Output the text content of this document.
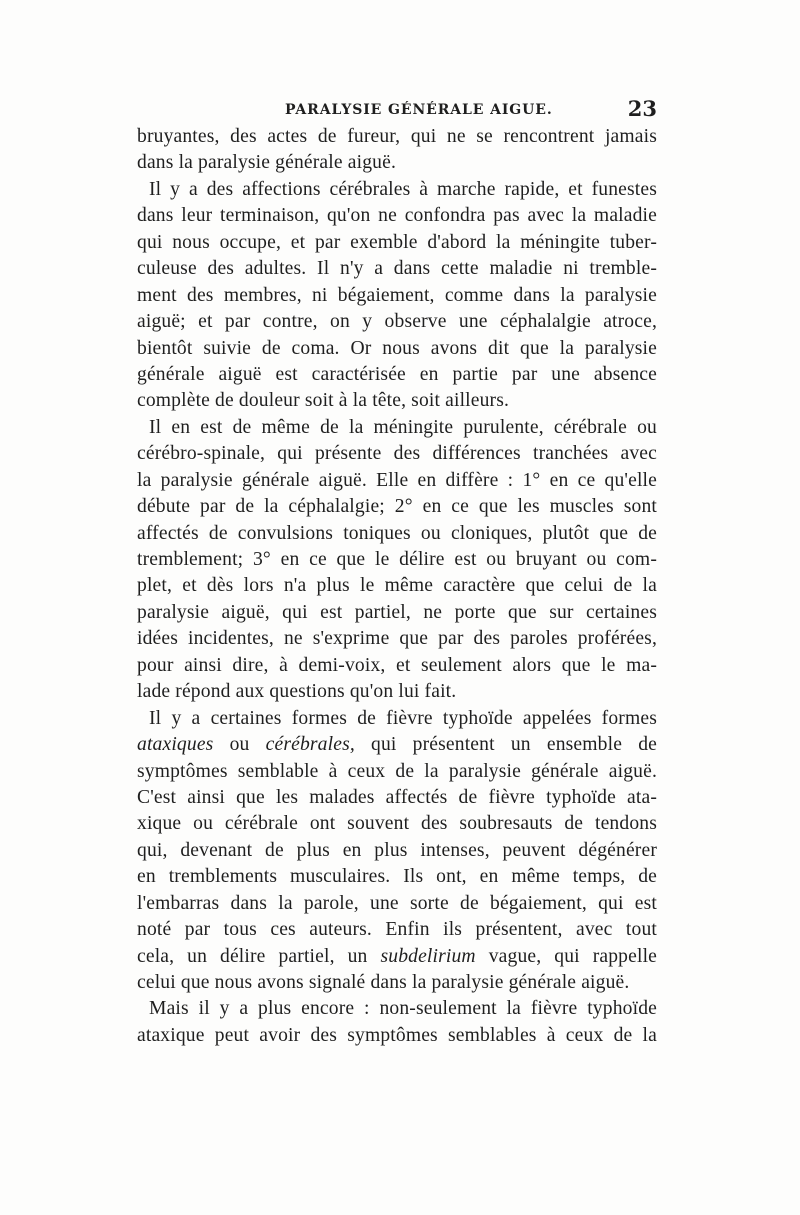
PARALYSIE GÉNÉRALE AIGUE.	23
bruyantes, des actes de fureur, qui ne se rencontrent jamais
dans la paralysie générale aiguë.
Il y a des affections cérébrales à marche rapide, et funestes
dans leur terminaison, qu'on ne confondra pas avec la maladie
qui nous occupe, et par exemble d'abord la méningite tuber-
culeuse des adultes. Il n'y a dans cette maladie ni tremble-
ment des membres, ni bégaiement, comme dans la paralysie
aiguë; et par contre, on y observe une céphalalgie atroce,
bientôt suivie de coma. Or nous avons dit que la paralysie
générale aiguë est caractérisée en partie par une absence
complète de douleur soit à la tête, soit ailleurs.
Il en est de même de la méningite purulente, cérébrale ou
cérébro-spinale, qui présente des différences tranchées avec
la paralysie générale aiguë. Elle en diffère : 1° en ce qu'elle
débute par de la céphalalgie; 2° en ce que les muscles sont
affectés de convulsions toniques ou cloniques, plutôt que de
tremblement; 3° en ce que le délire est ou bruyant ou com-
plet, et dès lors n'a plus le même caractère que celui de la
paralysie aiguë, qui est partiel, ne porte que sur certaines
idées incidentes, ne s'exprime que par des paroles proférées,
pour ainsi dire, à demi-voix, et seulement alors que le ma-
lade répond aux questions qu'on lui fait.
Il y a certaines formes de fièvre typhoïde appelées formes
ataxiques ou cérébrales, qui présentent un ensemble de
symptômes semblable à ceux de la paralysie générale aiguë.
C'est ainsi que les malades affectés de fièvre typhoïde ata-
xique ou cérébrale ont souvent des soubresauts de tendons
qui, devenant de plus en plus intenses, peuvent dégénérer
en tremblements musculaires. Ils ont, en même temps, de
l'embarras dans la parole, une sorte de bégaiement, qui est
noté par tous ces auteurs. Enfin ils présentent, avec tout
cela, un délire partiel, un subdelirium vague, qui rappelle
celui que nous avons signalé dans la paralysie générale aiguë.
Mais il y a plus encore : non-seulement la fièvre typhoïde
ataxique peut avoir des symptômes semblables à ceux de la
